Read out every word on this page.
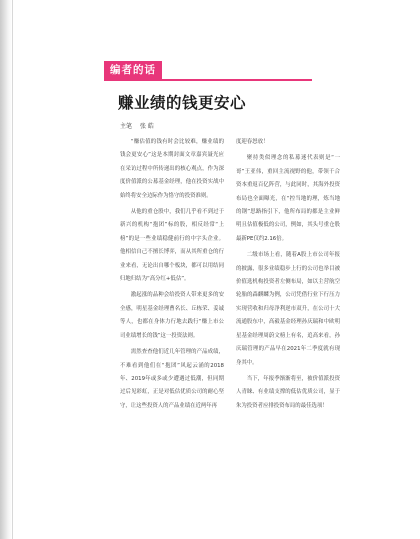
编者的话
赚业绩的钱更安心
主笔 张 皓

“赚估值的钱有时会比较难，赚业绩的钱会更安心”这是本期封面文章嘉宾聂光应在采访过程中所传递出的核心观点，作为深度价值派的公募基金经理，他在投资实战中始终将安全边际作为恪守的投资准则。

从他的重仓股中，我们几乎看不到过于新兴的机构“抱团”标的股，相反经常“上榜”的是一些业绩稳健前行的中字头企业。他相信自己不擅长博弈，而从其所重仓的行业来看，无论出自哪个板块，都可以用结同归地归结为“高分红+低估”。

激起涨的品种会给投资人带来更多的安全感，明星基金经理曹名长、丘栋荣、姜诚等人，也都在身体力行地去践行“赚上市公司业绩增长的钱”这一投资法则。

需然查查他们近几年管理的产品成绩，不难看到他们在“抱团”风起云涌的2018年、2019年或多或少遭遇过低潮，但同期过后见彩虹，正是对低估优质公司的耐心坚守，让这些投资人的产品业绩在近两年再

度迎春怒放！

聚持类似理念的私募迷代表则是“一哥”王亚伟，重回主流视野的他，带领千合资本重返百亿阵营，与此同时，其海外投资布局也全面曝光，在“控当地的理，炼当地的钢”思路指引下，他所布局的都是主业鲜明且估值极低的公司，例如，其头号重仓股最新PE仅约2.16倍。

二级市场上看，随着A股上市公司年报的披露，很多业绩稳步上行的公司也举目被价值选机构投资者左侧布局，如以主营航空轮胎的森麒麟为例，公司凭借行业下行压力实现营收和归母净利逆市双升，在公司十大流通股东中，高毅基金经理孙庆瑞和中欧明星基金经理周蔚文榜上有名，追高来看，孙庆瑞管理的产品早在2021年二季度就有现身其中。

当下，年报季渐渐将至，被价值派投资人青睐、有业绩支撑的低估优质公司，显于朱为投资者应排投资布局的最佳选项！
